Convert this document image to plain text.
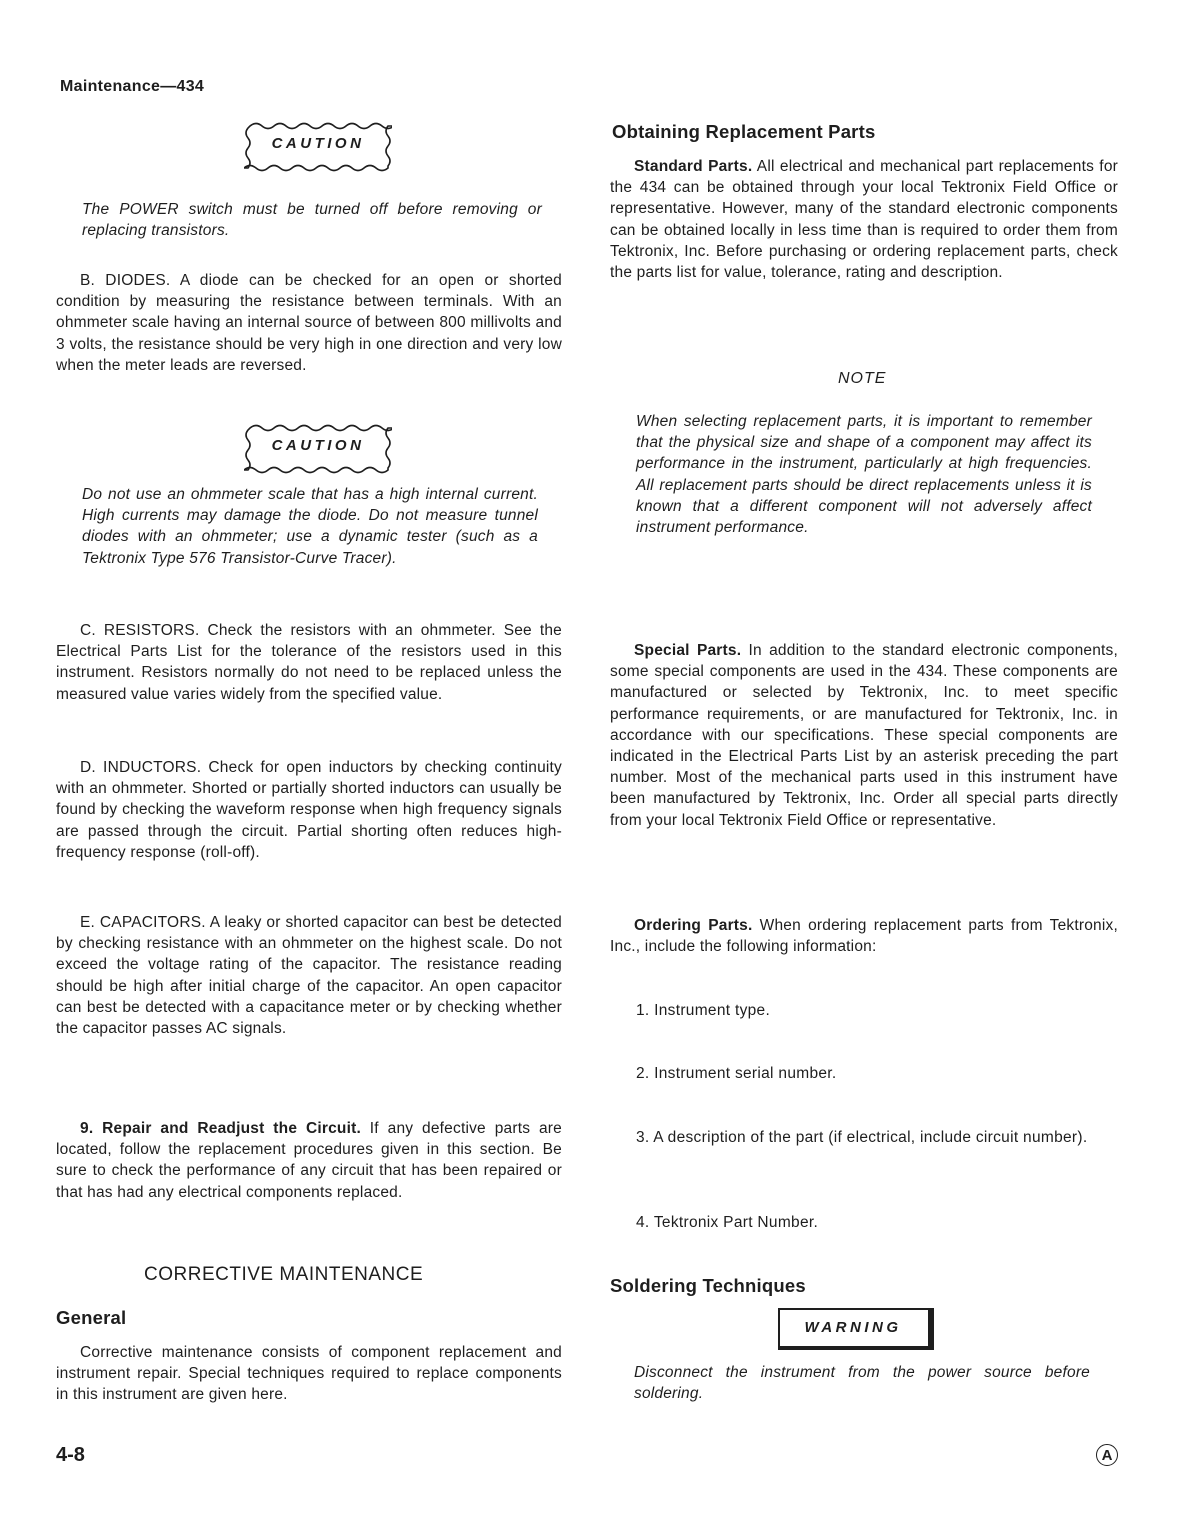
Maintenance—434
CAUTION
The POWER switch must be turned off before removing or replacing transistors.
B. DIODES. A diode can be checked for an open or shorted condition by measuring the resistance between terminals. With an ohmmeter scale having an internal source of between 800 millivolts and 3 volts, the resistance should be very high in one direction and very low when the meter leads are reversed.
CAUTION
Do not use an ohmmeter scale that has a high internal current. High currents may damage the diode. Do not measure tunnel diodes with an ohmmeter; use a dynamic tester (such as a Tektronix Type 576 Transistor-Curve Tracer).
C. RESISTORS. Check the resistors with an ohmmeter. See the Electrical Parts List for the tolerance of the resistors used in this instrument. Resistors normally do not need to be replaced unless the measured value varies widely from the specified value.
D. INDUCTORS. Check for open inductors by checking continuity with an ohmmeter. Shorted or partially shorted inductors can usually be found by checking the waveform response when high frequency signals are passed through the circuit. Partial shorting often reduces high-frequency response (roll-off).
E. CAPACITORS. A leaky or shorted capacitor can best be detected by checking resistance with an ohmmeter on the highest scale. Do not exceed the voltage rating of the capacitor. The resistance reading should be high after initial charge of the capacitor. An open capacitor can best be detected with a capacitance meter or by checking whether the capacitor passes AC signals.
9. Repair and Readjust the Circuit. If any defective parts are located, follow the replacement procedures given in this section. Be sure to check the performance of any circuit that has been repaired or that has had any electrical components replaced.
CORRECTIVE MAINTENANCE
General
Corrective maintenance consists of component replacement and instrument repair. Special techniques required to replace components in this instrument are given here.
Obtaining Replacement Parts
Standard Parts. All electrical and mechanical part replacements for the 434 can be obtained through your local Tektronix Field Office or representative. However, many of the standard electronic components can be obtained locally in less time than is required to order them from Tektronix, Inc. Before purchasing or ordering replacement parts, check the parts list for value, tolerance, rating and description.
NOTE
When selecting replacement parts, it is important to remember that the physical size and shape of a component may affect its performance in the instrument, particularly at high frequencies. All replacement parts should be direct replacements unless it is known that a different component will not adversely affect instrument performance.
Special Parts. In addition to the standard electronic components, some special components are used in the 434. These components are manufactured or selected by Tektronix, Inc. to meet specific performance requirements, or are manufactured for Tektronix, Inc. in accordance with our specifications. These special components are indicated in the Electrical Parts List by an asterisk preceding the part number. Most of the mechanical parts used in this instrument have been manufactured by Tektronix, Inc. Order all special parts directly from your local Tektronix Field Office or representative.
Ordering Parts. When ordering replacement parts from Tektronix, Inc., include the following information:
1. Instrument type.
2. Instrument serial number.
3. A description of the part (if electrical, include circuit number).
4. Tektronix Part Number.
Soldering Techniques
WARNING
Disconnect the instrument from the power source before soldering.
4-8	A
